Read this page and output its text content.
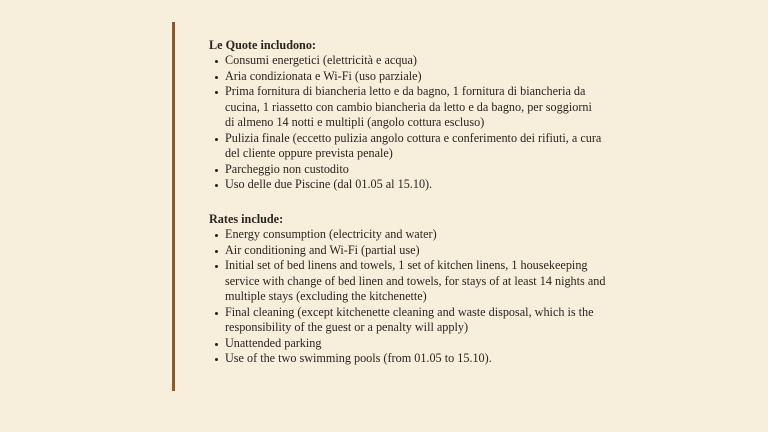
Le Quote includono:
Consumi energetici (elettricità e acqua)
Aria condizionata e Wi-Fi (uso parziale)
Prima fornitura di biancheria letto e da bagno, 1 fornitura di biancheria da
cucina, 1 riassetto con cambio biancheria da letto e da bagno, per soggiorni
di almeno 14 notti e multipli (angolo cottura escluso)
Pulizia finale (eccetto pulizia angolo cottura e conferimento dei rifiuti, a cura
del cliente oppure prevista penale)
Parcheggio non custodito
Uso delle due Piscine (dal 01.05 al 15.10).
Rates include:
Energy consumption (electricity and water)
Air conditioning and Wi-Fi (partial use)
Initial set of bed linens and towels, 1 set of kitchen linens, 1 housekeeping
service with change of bed linen and towels, for stays of at least 14 nights and
multiple stays (excluding the kitchenette)
Final cleaning (except kitchenette cleaning and waste disposal, which is the
responsibility of the guest or a penalty will apply)
Unattended parking
Use of the two swimming pools (from 01.05 to 15.10).
